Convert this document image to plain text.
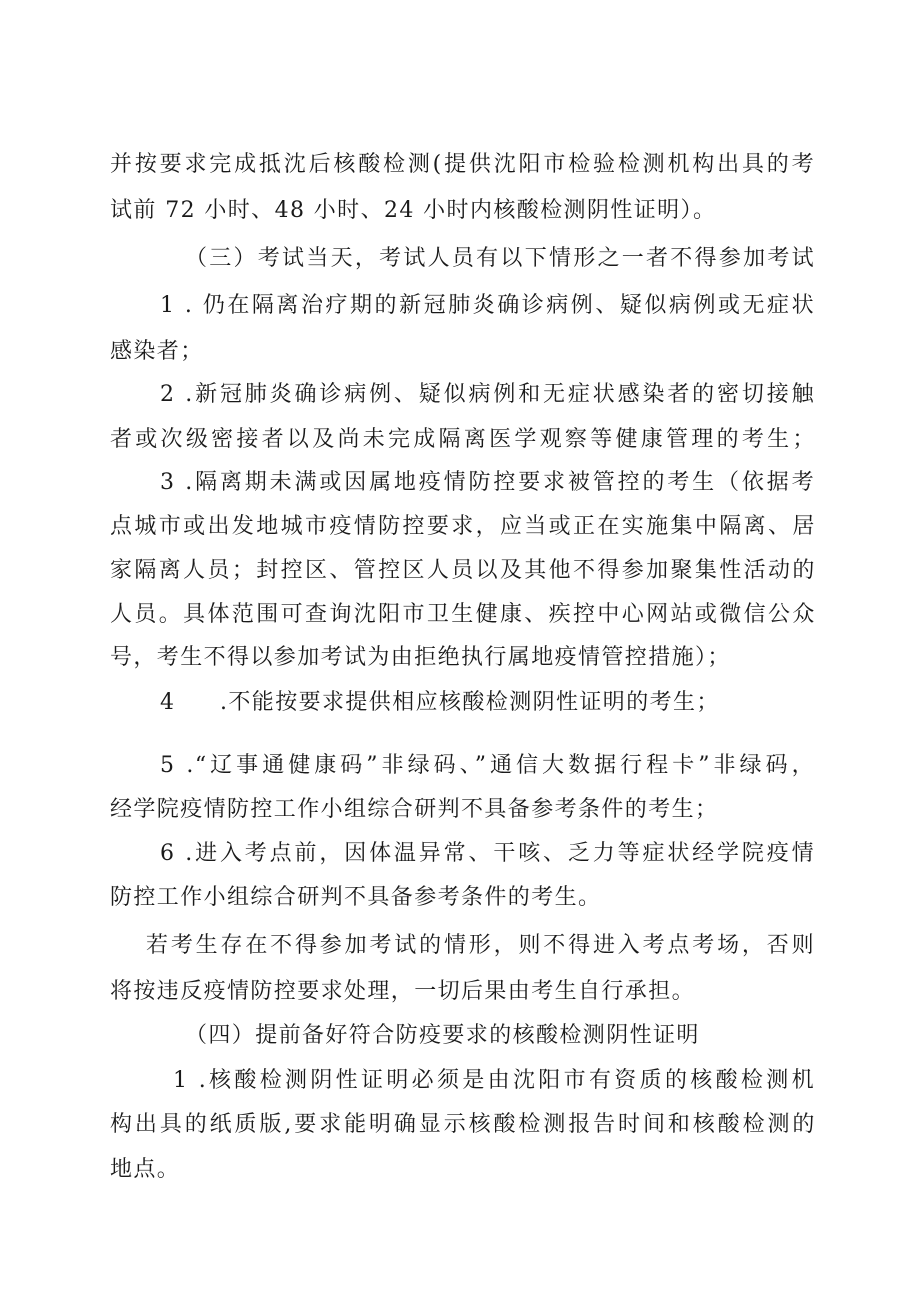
并按要求完成抵沈后核酸检测(提供沈阳市检验检测机构出具的考
试前 72 小时、48 小时、24 小时内核酸检测阴性证明）。
（三）考试当天，考试人员有以下情形之一者不得参加考试
1 . 仍在隔离治疗期的新冠肺炎确诊病例、疑似病例或无症状
感染者；
2 .新冠肺炎确诊病例、疑似病例和无症状感染者的密切接触
者或次级密接者以及尚未完成隔离医学观察等健康管理的考生；
3 .隔离期未满或因属地疫情防控要求被管控的考生（依据考
点城市或出发地城市疫情防控要求，应当或正在实施集中隔离、居
家隔离人员；封控区、管控区人员以及其他不得参加聚集性活动的
人员。具体范围可查询沈阳市卫生健康、疾控中心网站或微信公众
号，考生不得以参加考试为由拒绝执行属地疫情管控措施）；
4	.不能按要求提供相应核酸检测阴性证明的考生；
5 .“辽事通健康码”非绿码、”通信大数据行程卡”非绿码，
经学院疫情防控工作小组综合研判不具备参考条件的考生；
6 .进入考点前，因体温异常、干咳、乏力等症状经学院疫情
防控工作小组综合研判不具备参考条件的考生。
若考生存在不得参加考试的情形，则不得进入考点考场，否则
将按违反疫情防控要求处理，一切后果由考生自行承担。
（四）提前备好符合防疫要求的核酸检测阴性证明
1 .核酸检测阴性证明必须是由沈阳市有资质的核酸检测机
构出具的纸质版,要求能明确显示核酸检测报告时间和核酸检测的
地点。
